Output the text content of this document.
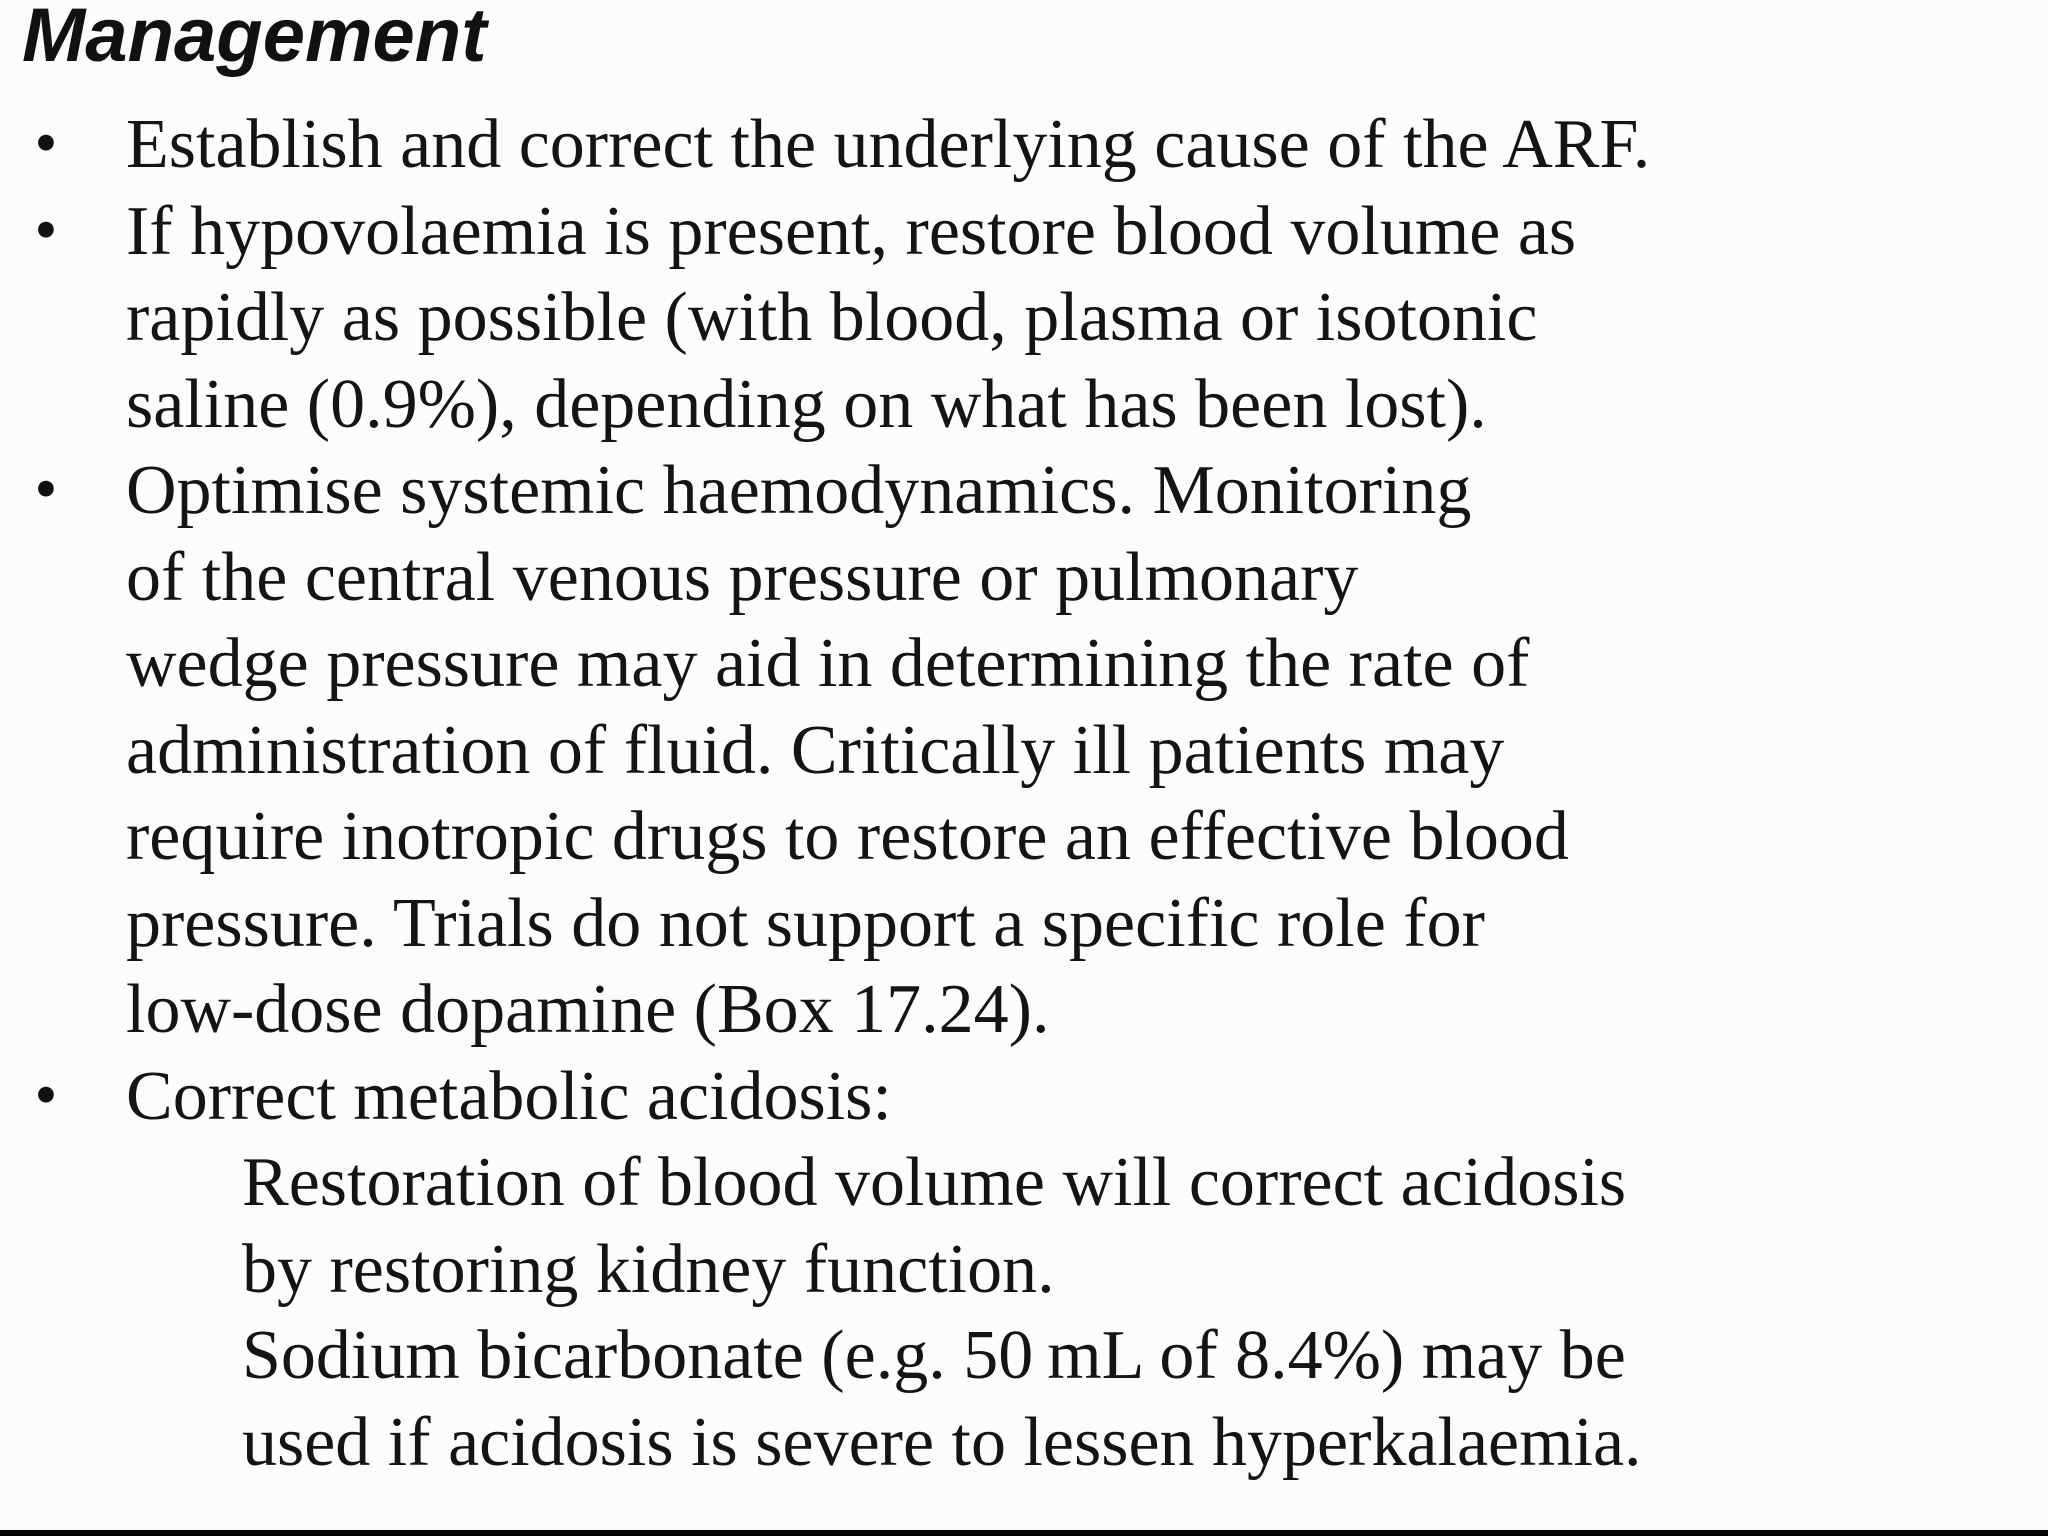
Management
• Establish and correct the underlying cause of the ARF.
• If hypovolaemia is present, restore blood volume as
rapidly as possible (with blood, plasma or isotonic
saline (0.9%), depending on what has been lost).
• Optimise systemic haemodynamics. Monitoring
of the central venous pressure or pulmonary
wedge pressure may aid in determining the rate of
administration of fluid. Critically ill patients may
require inotropic drugs to restore an effective blood
pressure. Trials do not support a specific role for
low-dose dopamine (Box 17.24).
• Correct metabolic acidosis:
Restoration of blood volume will correct acidosis
by restoring kidney function.
Sodium bicarbonate (e.g. 50 mL of 8.4%) may be
used if acidosis is severe to lessen hyperkalaemia.
